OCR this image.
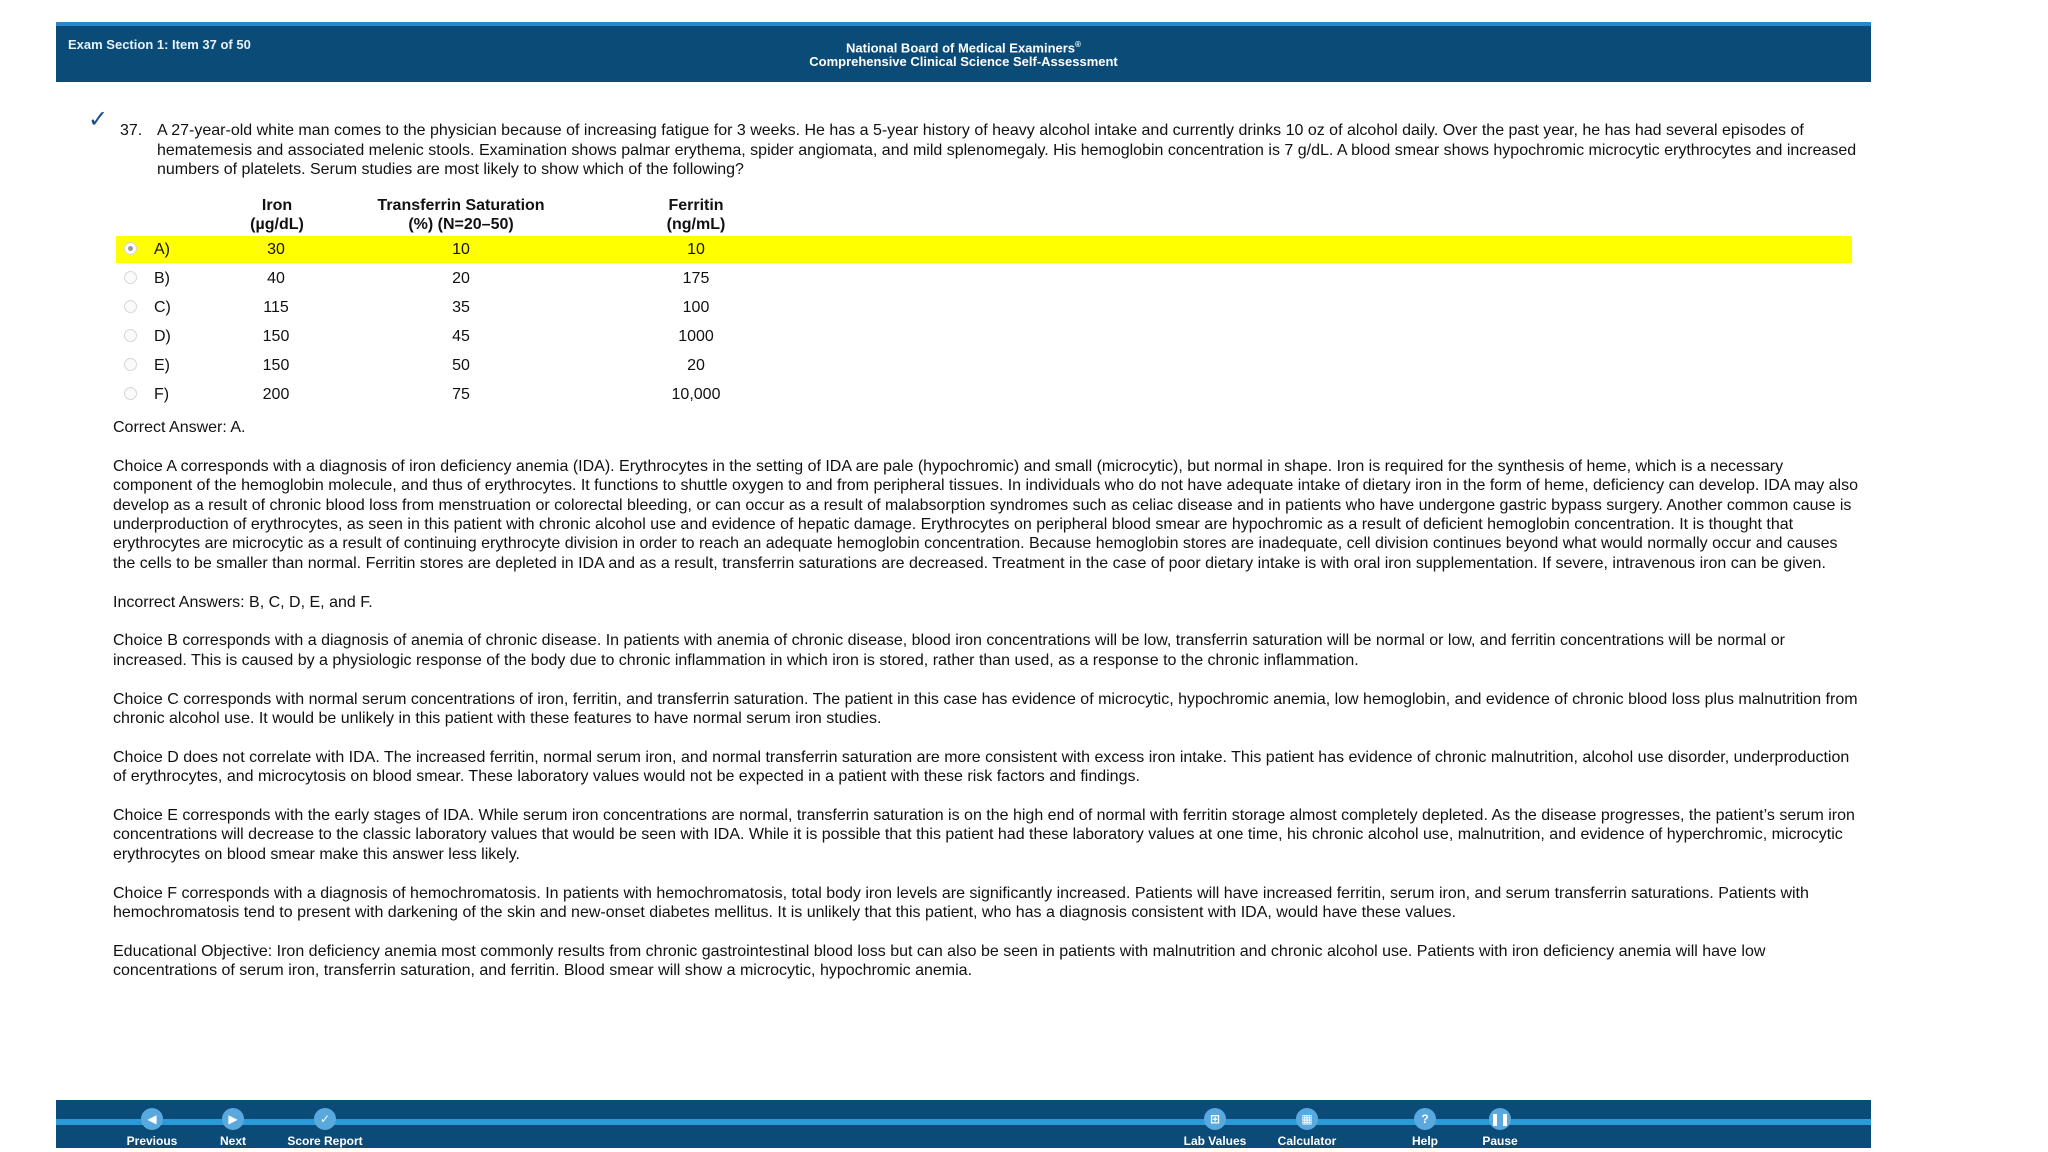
Exam Section 1: Item 37 of 50	National Board of Medical Examiners®
Comprehensive Clinical Science Self-Assessment
✓ 37. A 27-year-old white man comes to the physician because of increasing fatigue for 3 weeks. He has a 5-year history of heavy alcohol intake and currently drinks 10 oz of alcohol daily. Over the past year, he has had several episodes of hematemesis and associated melenic stools. Examination shows palmar erythema, spider angiomata, and mild splenomegaly. His hemoglobin concentration is 7 g/dL. A blood smear shows hypochromic microcytic erythrocytes and increased numbers of platelets. Serum studies are most likely to show which of the following?
Iron
(µg/dL)
Transferrin Saturation
(%) (N=20–50)
Ferritin
(ng/mL)
A)	30	10	10
B)	40	20	175
C)	115	35	100
D)	150	45	1000
E)	150	50	20
F)	200	75	10,000

Correct Answer: A.

Choice A corresponds with a diagnosis of iron deficiency anemia (IDA). Erythrocytes in the setting of IDA are pale (hypochromic) and small (microcytic), but normal in shape. Iron is required for the synthesis of heme, which is a necessary component of the hemoglobin molecule, and thus of erythrocytes. It functions to shuttle oxygen to and from peripheral tissues. In individuals who do not have adequate intake of dietary iron in the form of heme, deficiency can develop. IDA may also develop as a result of chronic blood loss from menstruation or colorectal bleeding, or can occur as a result of malabsorption syndromes such as celiac disease and in patients who have undergone gastric bypass surgery. Another common cause is underproduction of erythrocytes, as seen in this patient with chronic alcohol use and evidence of hepatic damage. Erythrocytes on peripheral blood smear are hypochromic as a result of deficient hemoglobin concentration. It is thought that erythrocytes are microcytic as a result of continuing erythrocyte division in order to reach an adequate hemoglobin concentration. Because hemoglobin stores are inadequate, cell division continues beyond what would normally occur and causes the cells to be smaller than normal. Ferritin stores are depleted in IDA and as a result, transferrin saturations are decreased. Treatment in the case of poor dietary intake is with oral iron supplementation. If severe, intravenous iron can be given.

Incorrect Answers: B, C, D, E, and F.

Choice B corresponds with a diagnosis of anemia of chronic disease. In patients with anemia of chronic disease, blood iron concentrations will be low, transferrin saturation will be normal or low, and ferritin concentrations will be normal or increased. This is caused by a physiologic response of the body due to chronic inflammation in which iron is stored, rather than used, as a response to the chronic inflammation.

Choice C corresponds with normal serum concentrations of iron, ferritin, and transferrin saturation. The patient in this case has evidence of microcytic, hypochromic anemia, low hemoglobin, and evidence of chronic blood loss plus malnutrition from chronic alcohol use. It would be unlikely in this patient with these features to have normal serum iron studies.

Choice D does not correlate with IDA. The increased ferritin, normal serum iron, and normal transferrin saturation are more consistent with excess iron intake. This patient has evidence of chronic malnutrition, alcohol use disorder, underproduction of erythrocytes, and microcytosis on blood smear. These laboratory values would not be expected in a patient with these risk factors and findings.

Choice E corresponds with the early stages of IDA. While serum iron concentrations are normal, transferrin saturation is on the high end of normal with ferritin storage almost completely depleted. As the disease progresses, the patient’s serum iron concentrations will decrease to the classic laboratory values that would be seen with IDA. While it is possible that this patient had these laboratory values at one time, his chronic alcohol use, malnutrition, and evidence of hyperchromic, microcytic erythrocytes on blood smear make this answer less likely.

Choice F corresponds with a diagnosis of hemochromatosis. In patients with hemochromatosis, total body iron levels are significantly increased. Patients will have increased ferritin, serum iron, and serum transferrin saturations. Patients with hemochromatosis tend to present with darkening of the skin and new-onset diabetes mellitus. It is unlikely that this patient, who has a diagnosis consistent with IDA, would have these values.

Educational Objective: Iron deficiency anemia most commonly results from chronic gastrointestinal blood loss but can also be seen in patients with malnutrition and chronic alcohol use. Patients with iron deficiency anemia will have low concentrations of serum iron, transferrin saturation, and ferritin. Blood smear will show a microcytic, hypochromic anemia.

◀
Previous
▶
Next
✓
Score Report
⊞
Lab Values
▦
Calculator
?
Help
❚❚
Pause
